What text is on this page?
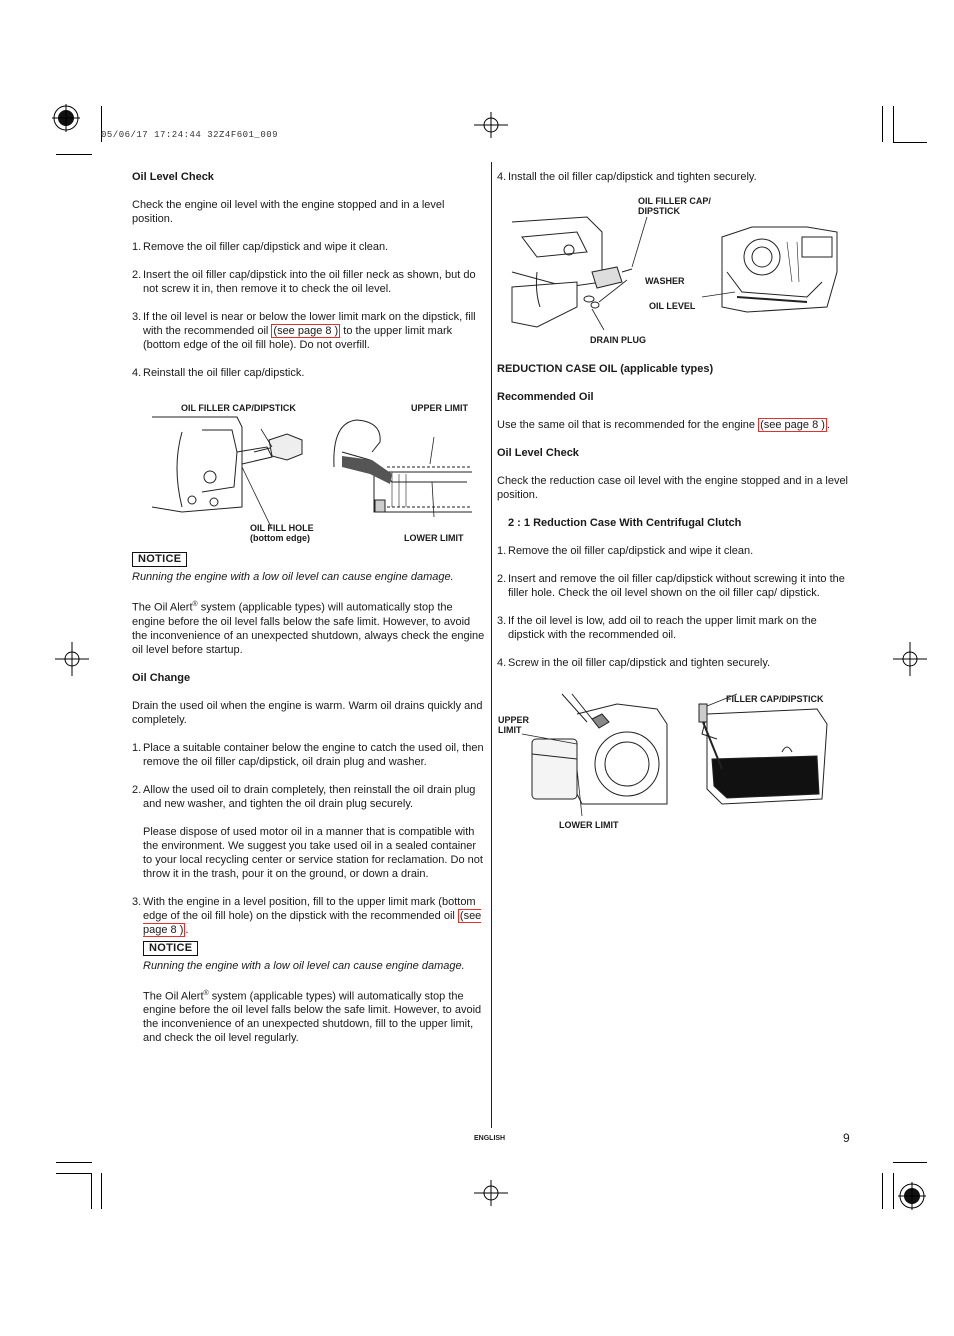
05/06/17 17:24:44 32Z4F601_009
Oil Level Check

Check the engine oil level with the engine stopped and in a level position.

1. Remove the oil filler cap/dipstick and wipe it clean.
2. Insert the oil filler cap/dipstick into the oil filler neck as shown, but do not screw it in, then remove it to check the oil level.
3. If the oil level is near or below the lower limit mark on the dipstick, fill with the recommended oil (see page 8 ) to the upper limit mark (bottom edge of the oil fill hole). Do not overfill.
4. Reinstall the oil filler cap/dipstick.
OIL FILLER CAP/DIPSTICK	UPPER LIMIT
OIL FILL HOLE
(bottom edge)	LOWER LIMIT
NOTICE

Running the engine with a low oil level can cause engine damage.

The Oil Alert® system (applicable types) will automatically stop the engine before the oil level falls below the safe limit. However, to avoid the inconvenience of an unexpected shutdown, always check the engine oil level before startup.

Oil Change

Drain the used oil when the engine is warm. Warm oil drains quickly and completely.

1. Place a suitable container below the engine to catch the used oil, then remove the oil filler cap/dipstick, oil drain plug and washer.
2. Allow the used oil to drain completely, then reinstall the oil drain plug and new washer, and tighten the oil drain plug securely.

Please dispose of used motor oil in a manner that is compatible with the environment. We suggest you take used oil in a sealed container to your local recycling center or service station for reclamation. Do not throw it in the trash, pour it on the ground, or down a drain.

3. With the engine in a level position, fill to the upper limit mark (bottom edge of the oil fill hole) on the dipstick with the recommended oil (see page 8 ) .
NOTICE

Running the engine with a low oil level can cause engine damage.

The Oil Alert® system (applicable types) will automatically stop the engine before the oil level falls below the safe limit. However, to avoid the inconvenience of an unexpected shutdown, fill to the upper limit, and check the oil level regularly.

4. Install the oil filler cap/dipstick and tighten securely.
OIL FILLER CAP/
DIPSTICK
WASHER
OIL LEVEL
DRAIN PLUG
REDUCTION CASE OIL (applicable types)
Recommended Oil

Use the same oil that is recommended for the engine (see page 8 ) .

Oil Level Check

Check the reduction case oil level with the engine stopped and in a level position.

2 : 1 Reduction Case With Centrifugal Clutch
1. Remove the oil filler cap/dipstick and wipe it clean.
2. Insert and remove the oil filler cap/dipstick without screwing it into the filler hole. Check the oil level shown on the oil filler cap/ dipstick.
3. If the oil level is low, add oil to reach the upper limit mark on the dipstick with the recommended oil.
4. Screw in the oil filler cap/dipstick and tighten securely.
FILLER CAP/DIPSTICK
UPPER
LIMIT
LOWER LIMIT
ENGLISH	9
